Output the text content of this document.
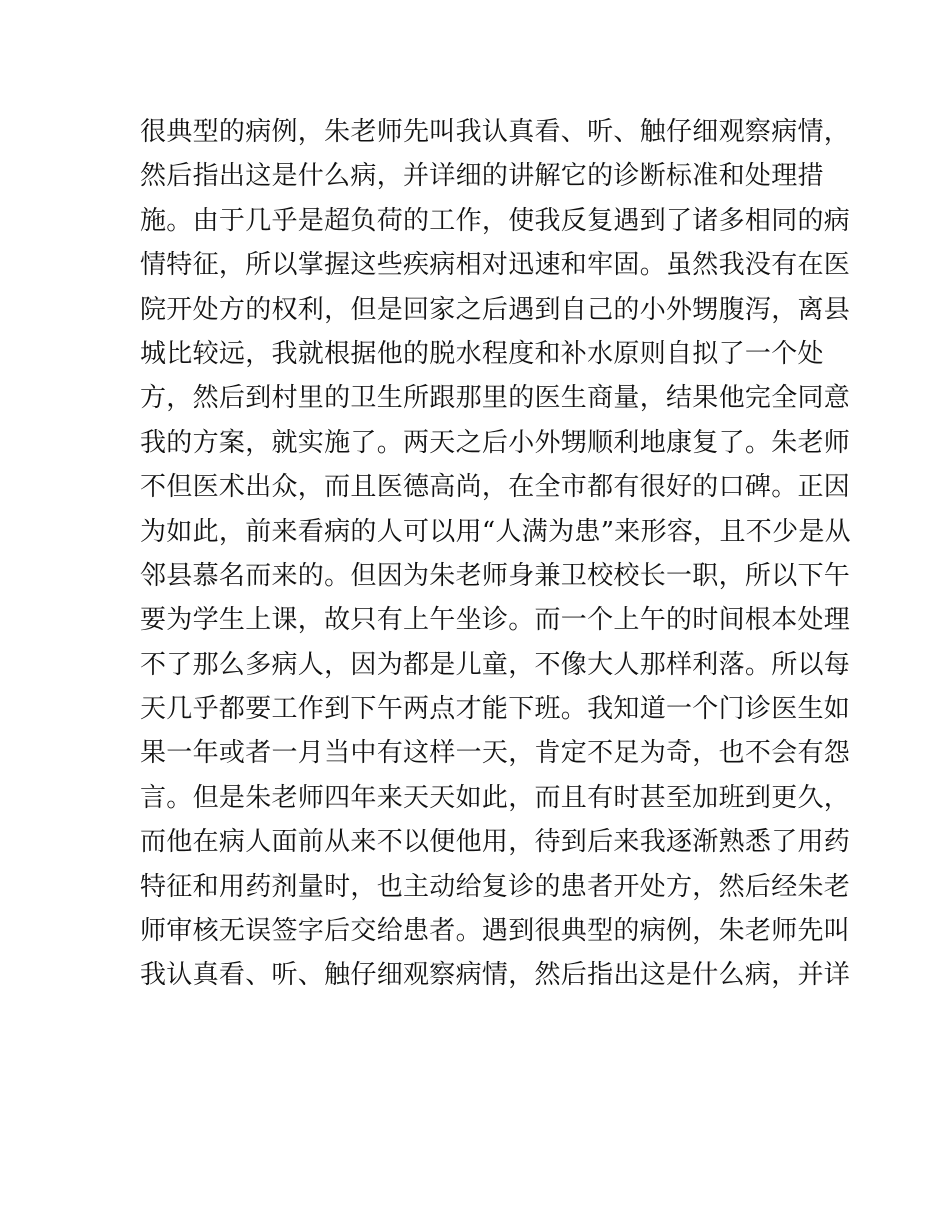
很典型的病例，朱老师先叫我认真看、听、触仔细观察病情，
然后指出这是什么病，并详细的讲解它的诊断标准和处理措
施。由于几乎是超负荷的工作，使我反复遇到了诸多相同的病
情特征，所以掌握这些疾病相对迅速和牢固。虽然我没有在医
院开处方的权利，但是回家之后遇到自己的小外甥腹泻，离县
城比较远，我就根据他的脱水程度和补水原则自拟了一个处
方，然后到村里的卫生所跟那里的医生商量，结果他完全同意
我的方案，就实施了。两天之后小外甥顺利地康复了。朱老师
不但医术出众，而且医德高尚，在全市都有很好的口碑。正因
为如此，前来看病的人可以用“人满为患”来形容，且不少是从
邻县慕名而来的。但因为朱老师身兼卫校校长一职，所以下午
要为学生上课，故只有上午坐诊。而一个上午的时间根本处理
不了那么多病人，因为都是儿童，不像大人那样利落。所以每
天几乎都要工作到下午两点才能下班。我知道一个门诊医生如
果一年或者一月当中有这样一天，肯定不足为奇，也不会有怨
言。但是朱老师四年来天天如此，而且有时甚至加班到更久，
而他在病人面前从来不以便他用，待到后来我逐渐熟悉了用药
特征和用药剂量时，也主动给复诊的患者开处方，然后经朱老
师审核无误签字后交给患者。遇到很典型的病例，朱老师先叫
我认真看、听、触仔细观察病情，然后指出这是什么病，并详
